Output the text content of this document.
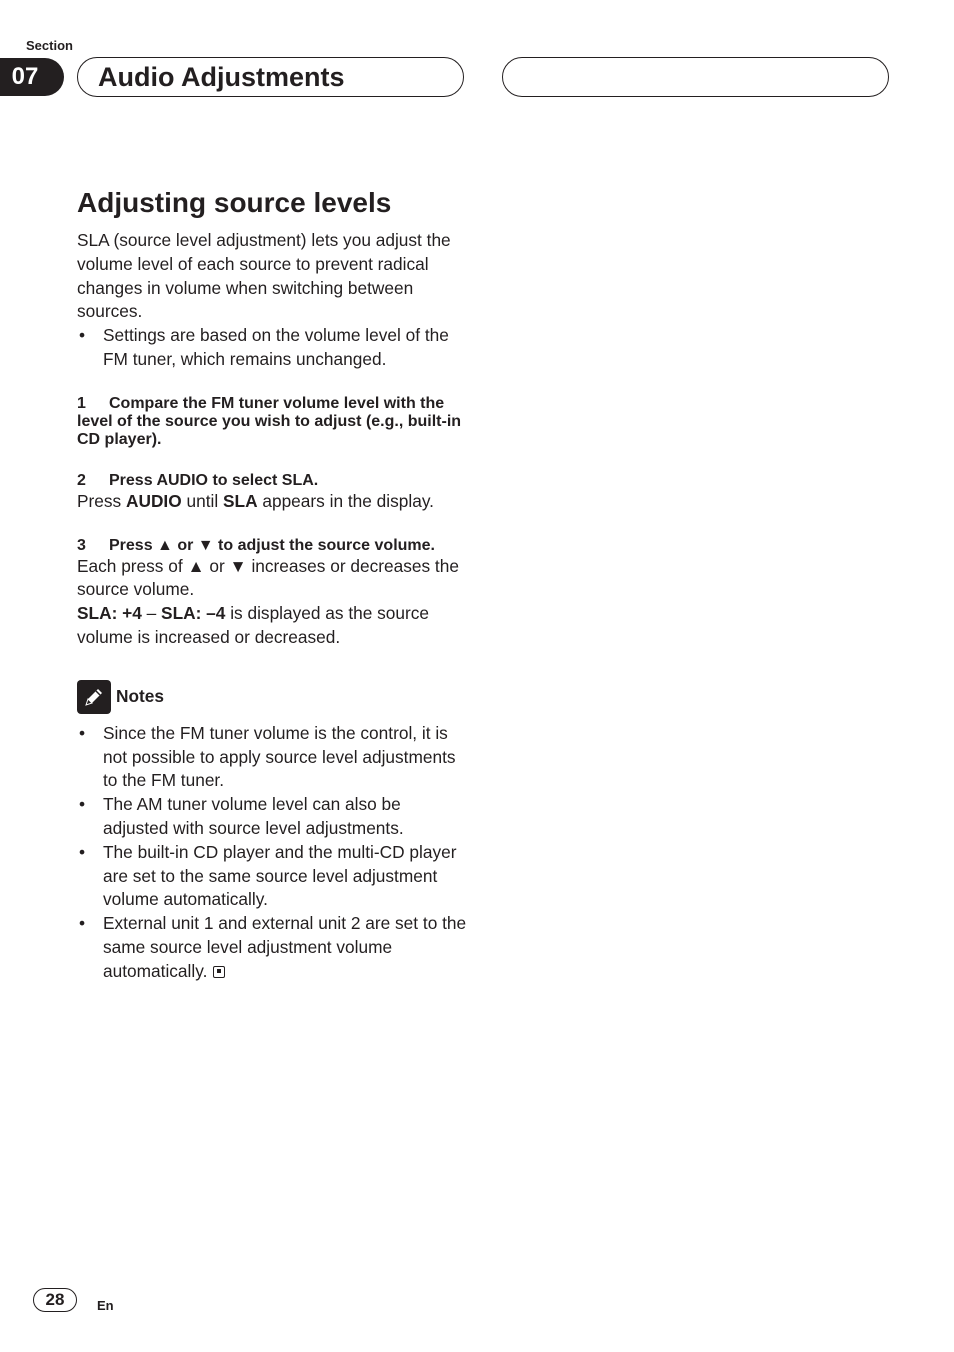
Section
07	Audio Adjustments
Adjusting source levels

SLA (source level adjustment) lets you adjust the volume level of each source to prevent radical changes in volume when switching between sources.

• Settings are based on the volume level of the FM tuner, which remains unchanged.
1 Compare the FM tuner volume level with the level of the source you wish to adjust (e.g., built-in CD player).
2 Press AUDIO to select SLA.

Press AUDIO until SLA appears in the display.

3 Press ▲ or ▼ to adjust the source volume.

Each press of ▲ or ▼ increases or decreases the source volume.

SLA: +4 – SLA: –4 is displayed as the source volume is increased or decreased.

Notes
• Since the FM tuner volume is the control, it is not possible to apply source level adjustments to the FM tuner.
• The AM tuner volume level can also be adjusted with source level adjustments.
• The built-in CD player and the multi-CD player are set to the same source level adjustment volume automatically.
• External unit 1 and external unit 2 are set to the same source level adjustment volume automatically.
28	En
